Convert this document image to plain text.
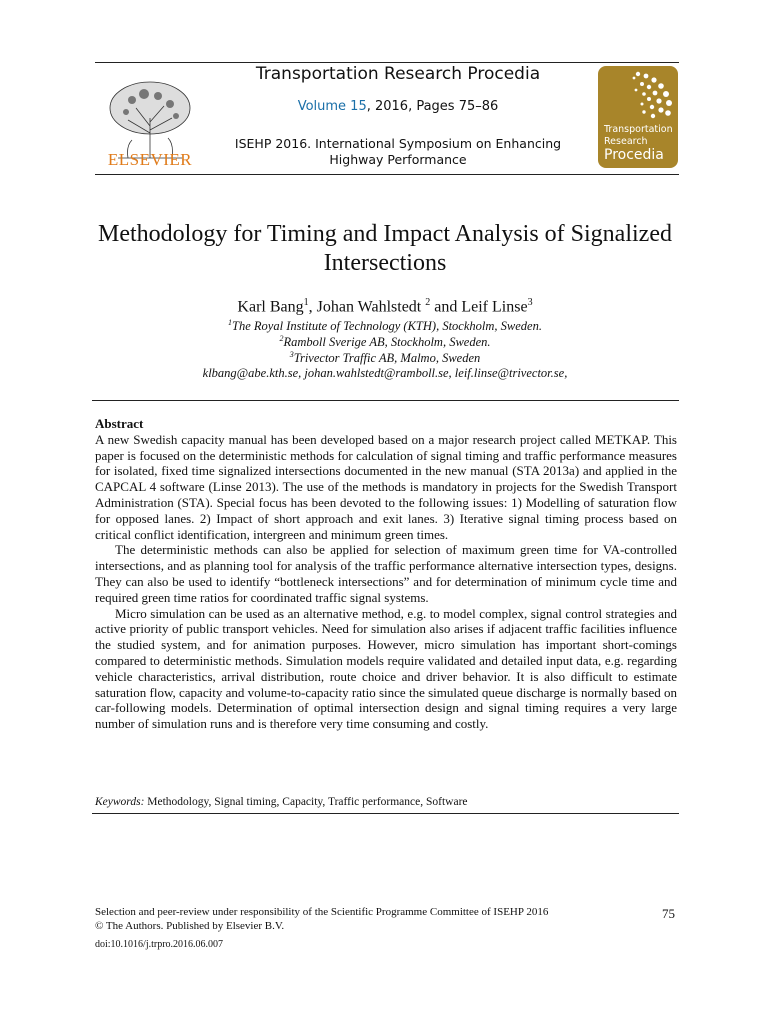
ELSEVIER
Transportation Research Procedia
Volume 15, 2016, Pages 75–86
ISEHP 2016. International Symposium on Enhancing Highway Performance
Transportation
Research
Procedia
Methodology for Timing and Impact Analysis of Signalized Intersections
Karl Bang$^1$, Johan Wahlstedt $^2$ and Leif Linse$^3$
$^1$The Royal Institute of Technology (KTH), Stockholm, Sweden.
$^2$Ramboll Sverige AB, Stockholm, Sweden.
$^3$Trivector Traffic AB, Malmo, Sweden
klbang@abe.kth.se, johan.wahlstedt@ramboll.se, leif.linse@trivector.se,
Abstract

A new Swedish capacity manual has been developed based on a major research project called METKAP. This paper is focused on the deterministic methods for calculation of signal timing and traffic performance measures for isolated, fixed time signalized intersections documented in the new manual (STA 2013a) and applied in the CAPCAL 4 software (Linse 2013). The use of the methods is mandatory in projects for the Swedish Transport Administration (STA). Special focus has been devoted to the following issues: 1) Modelling of saturation flow for opposed lanes. 2) Impact of short approach and exit lanes. 3) Iterative signal timing process based on critical conflict identification, intergreen and minimum green times.

The deterministic methods can also be applied for selection of maximum green time for VA-controlled intersections, and as planning tool for analysis of the traffic performance alternative intersection types, designs. They can also be used to identify “bottleneck intersections” and for determination of minimum cycle time and required green time ratios for coordinated traffic signal systems.

Micro simulation can be used as an alternative method, e.g. to model complex, signal control strategies and active priority of public transport vehicles. Need for simulation also arises if adjacent traffic facilities influence the studied system, and for animation purposes. However, micro simulation has important short-comings compared to deterministic methods. Simulation models require validated and detailed input data, e.g. regarding vehicle characteristics, arrival distribution, route choice and driver behavior. It is also difficult to estimate saturation flow, capacity and volume-to-capacity ratio since the simulated queue discharge is normally based on car-following models. Determination of optimal intersection design and signal timing requires a very large number of simulation runs and is therefore very time consuming and costly.

Keywords: Methodology, Signal timing, Capacity, Traffic performance, Software
Selection and peer-review under responsibility of the Scientific Programme Committee of ISEHP 2016
© The Authors. Published by Elsevier B.V.
75
doi:10.1016/j.trpro.2016.06.007
